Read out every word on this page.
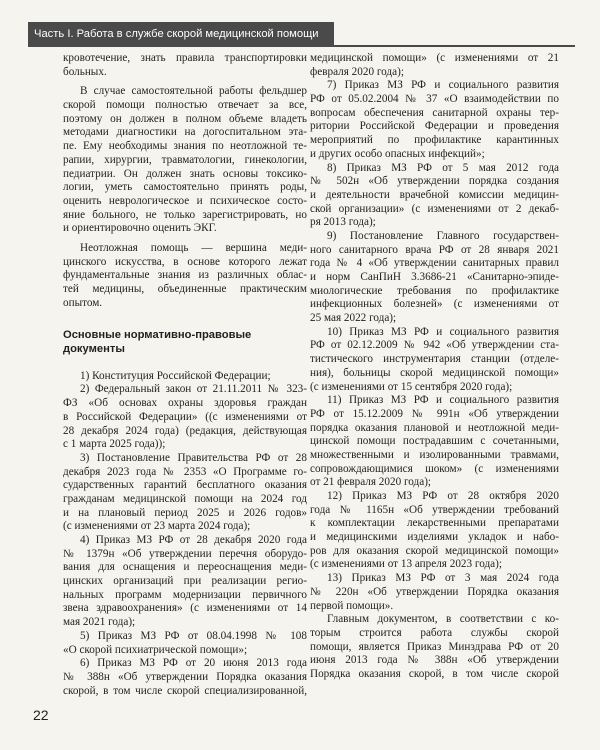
Часть I. Работа в службе скорой медицинской помощи
кровотечение, знать правила транспортировки
больных.
В случае самостоятельной работы фельдшер
скорой помощи полностью отвечает за все,
поэтому он должен в полном объеме владеть
методами диагностики на догоспитальном эта-
пе. Ему необходимы знания по неотложной те-
рапии, хирургии, травматологии, гинекологии,
педиатрии. Он должен знать основы токсико-
логии, уметь самостоятельно принять роды,
оценить неврологическое и психическое состо-
яние больного, не только зарегистрировать, но
и ориентировочно оценить ЭКГ.
Неотложная помощь — вершина меди-
цинского искусства, в основе которого лежат
фундаментальные знания из различных облас-
тей медицины, объединенные практическим
опытом.
Основные нормативно-правовые
документы
1) Конституция Российской Федерации;
2) Федеральный закон от 21.11.2011 № 323-
ФЗ «Об основах охраны здоровья граждан
в Российской Федерации» ((с изменениями от
28 декабря 2024 года) (редакция, действующая
с 1 марта 2025 года));
3) Постановление Правительства РФ от 28
декабря 2023 года № 2353 «О Программе го-
сударственных гарантий бесплатного оказания
гражданам медицинской помощи на 2024 год
и на плановый период 2025 и 2026 годов»
(с изменениями от 23 марта 2024 года);
4) Приказ МЗ РФ от 28 декабря 2020 года
№ 1379н «Об утверждении перечня оборудо-
вания для оснащения и переоснащения меди-
цинских организаций при реализации регио-
нальных программ модернизации первичного
звена здравоохранения» (с изменениями от 14
мая 2021 года);
5) Приказ МЗ РФ от 08.04.1998 № 108
«О скорой психиатрической помощи»;
6) Приказ МЗ РФ от 20 июня 2013 года
№ 388н «Об утверждении Порядка оказания
скорой, в том числе скорой специализированной,
медицинской помощи» (с изменениями от 21
февраля 2020 года);
7) Приказ МЗ РФ и социального развития
РФ от 05.02.2004 № 37 «О взаимодействии по
вопросам обеспечения санитарной охраны тер-
ритории Российской Федерации и проведения
мероприятий по профилактике карантинных
и других особо опасных инфекций»;
8) Приказ МЗ РФ от 5 мая 2012 года
№ 502н «Об утверждении порядка создания
и деятельности врачебной комиссии медицин-
ской организации» (с изменениями от 2 декаб-
ря 2013 года);
9) Постановление Главного государствен-
ного санитарного врача РФ от 28 января 2021
года № 4 «Об утверждении санитарных правил
и норм СанПиН 3.3686-21 «Санитарно-эпиде-
миологические требования по профилактике
инфекционных болезней» (с изменениями от
25 мая 2022 года);
10) Приказ МЗ РФ и социального развития
РФ от 02.12.2009 № 942 «Об утверждении ста-
тистического инструментария станции (отделе-
ния), больницы скорой медицинской помощи»
(с изменениями от 15 сентября 2020 года);
11) Приказ МЗ РФ и социального развития
РФ от 15.12.2009 № 991н «Об утверждении
порядка оказания плановой и неотложной меди-
цинской помощи пострадавшим с сочетанными,
множественными и изолированными травмами,
сопровождающимися шоком» (с изменениями
от 21 февраля 2020 года);
12) Приказ МЗ РФ от 28 октября 2020
года № 1165н «Об утверждении требований
к комплектации лекарственными препаратами
и медицинскими изделиями укладок и набо-
ров для оказания скорой медицинской помощи»
(с изменениями от 13 апреля 2023 года);
13) Приказ МЗ РФ от 3 мая 2024 года
№ 220н «Об утверждении Порядка оказания
первой помощи».
Главным документом, в соответствии с ко-
торым строится работа службы скорой
помощи, является Приказ Минздрава РФ от 20
июня 2013 года № 388н «Об утверждении
Порядка оказания скорой, в том числе скорой
22
